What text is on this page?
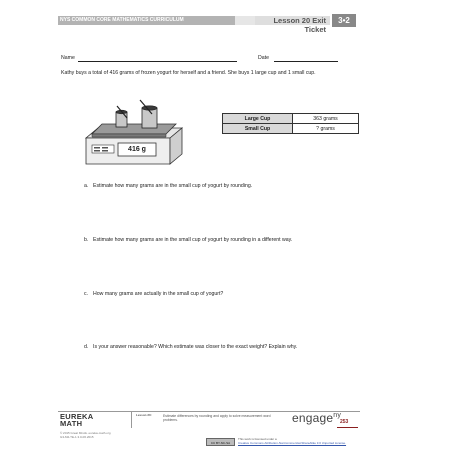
NYS COMMON CORE MATHEMATICS CURRICULUM	Lesson 20 Exit Ticket
3•2
Name	Date
Kathy buys a total of 416 grams of frozen yogurt for herself and a friend. She buys 1 large cup and 1 small cup.
416 g
Large Cup	363 grams
Small Cup	? grams
a. Estimate how many grams are in the small cup of yogurt by rounding.
b. Estimate how many grams are in the small cup of yogurt by rounding in a different way.
c. How many grams are actually in the small cup of yogurt?
d. Is your answer reasonable? Which estimate was closer to the exact weight? Explain why.
EUREKA
MATH
Lesson 20:	Estimate differences by rounding and apply to solve measurement word problems.
© 2015 Great Minds. eureka-math.org
G3-M2-TE-1.3.0-06.2015
engage$^{ny}$
253
CC BY-NC-SA
This work is licensed under a
Creative Commons Attribution-NonCommercial-ShareAlike 3.0 Unported License.
